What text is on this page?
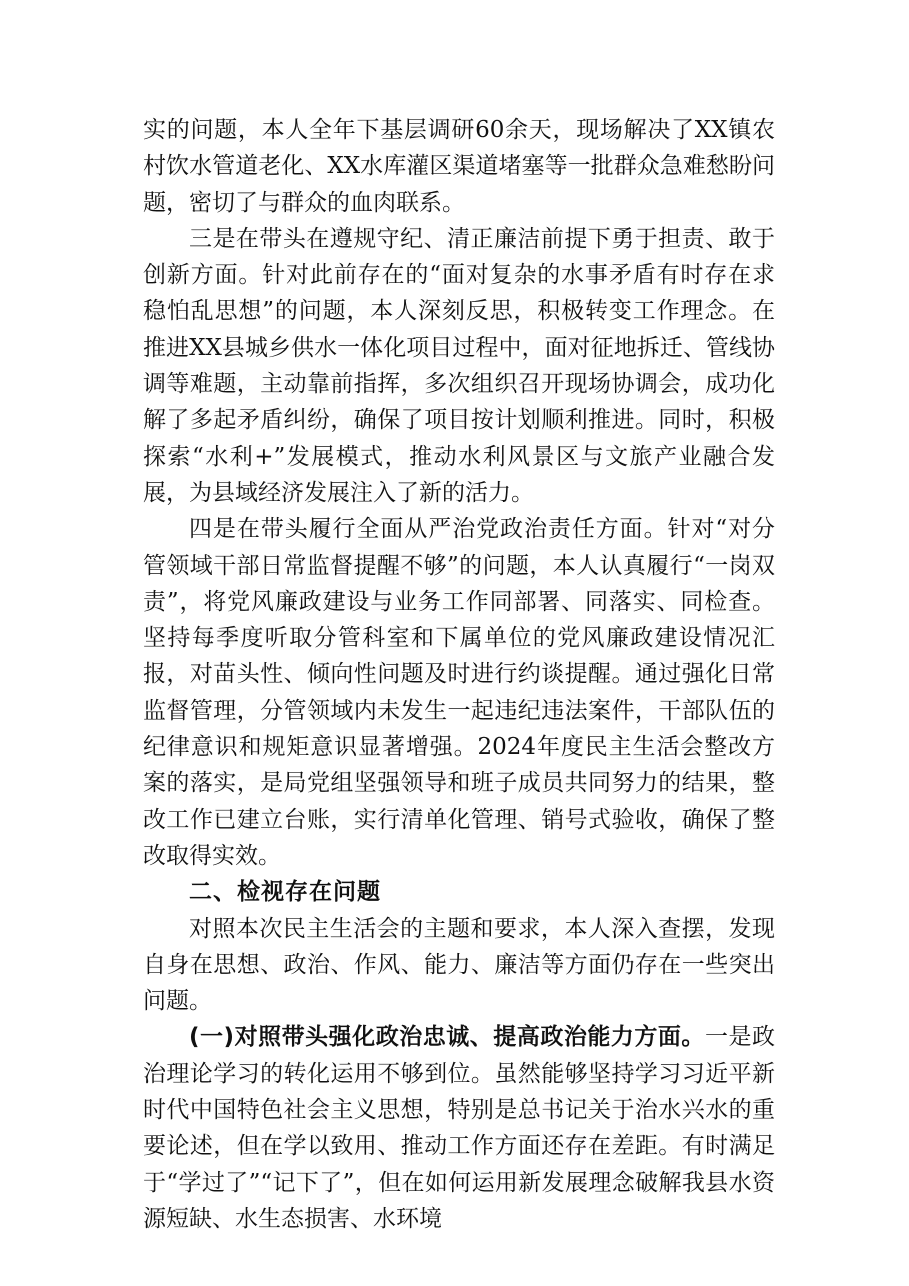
实的问题，本人全年下基层调研60余天，现场解决了XX镇农村饮水管道老化、XX水库灌区渠道堵塞等一批群众急难愁盼问题，密切了与群众的血肉联系。

三是在带头在遵规守纪、清正廉洁前提下勇于担责、敢于创新方面。针对此前存在的“面对复杂的水事矛盾有时存在求稳怕乱思想”的问题，本人深刻反思，积极转变工作理念。在推进XX县城乡供水一体化项目过程中，面对征地拆迁、管线协调等难题，主动靠前指挥，多次组织召开现场协调会，成功化解了多起矛盾纠纷，确保了项目按计划顺利推进。同时，积极探索“水利+”发展模式，推动水利风景区与文旅产业融合发展，为县域经济发展注入了新的活力。

四是在带头履行全面从严治党政治责任方面。针对“对分管领域干部日常监督提醒不够”的问题，本人认真履行“一岗双责”，将党风廉政建设与业务工作同部署、同落实、同检查。坚持每季度听取分管科室和下属单位的党风廉政建设情况汇报，对苗头性、倾向性问题及时进行约谈提醒。通过强化日常监督管理，分管领域内未发生一起违纪违法案件，干部队伍的纪律意识和规矩意识显著增强。2024年度民主生活会整改方案的落实，是局党组坚强领导和班子成员共同努力的结果，整改工作已建立台账，实行清单化管理、销号式验收，确保了整改取得实效。

二、检视存在问题

对照本次民主生活会的主题和要求，本人深入查摆，发现自身在思想、政治、作风、能力、廉洁等方面仍存在一些突出问题。

(一)对照带头强化政治忠诚、提高政治能力方面。一是政治理论学习的转化运用不够到位。虽然能够坚持学习习近平新时代中国特色社会主义思想，特别是总书记关于治水兴水的重要论述，但在学以致用、推动工作方面还存在差距。有时满足于“学过了”“记下了”，但在如何运用新发展理念破解我县水资源短缺、水生态损害、水环境
